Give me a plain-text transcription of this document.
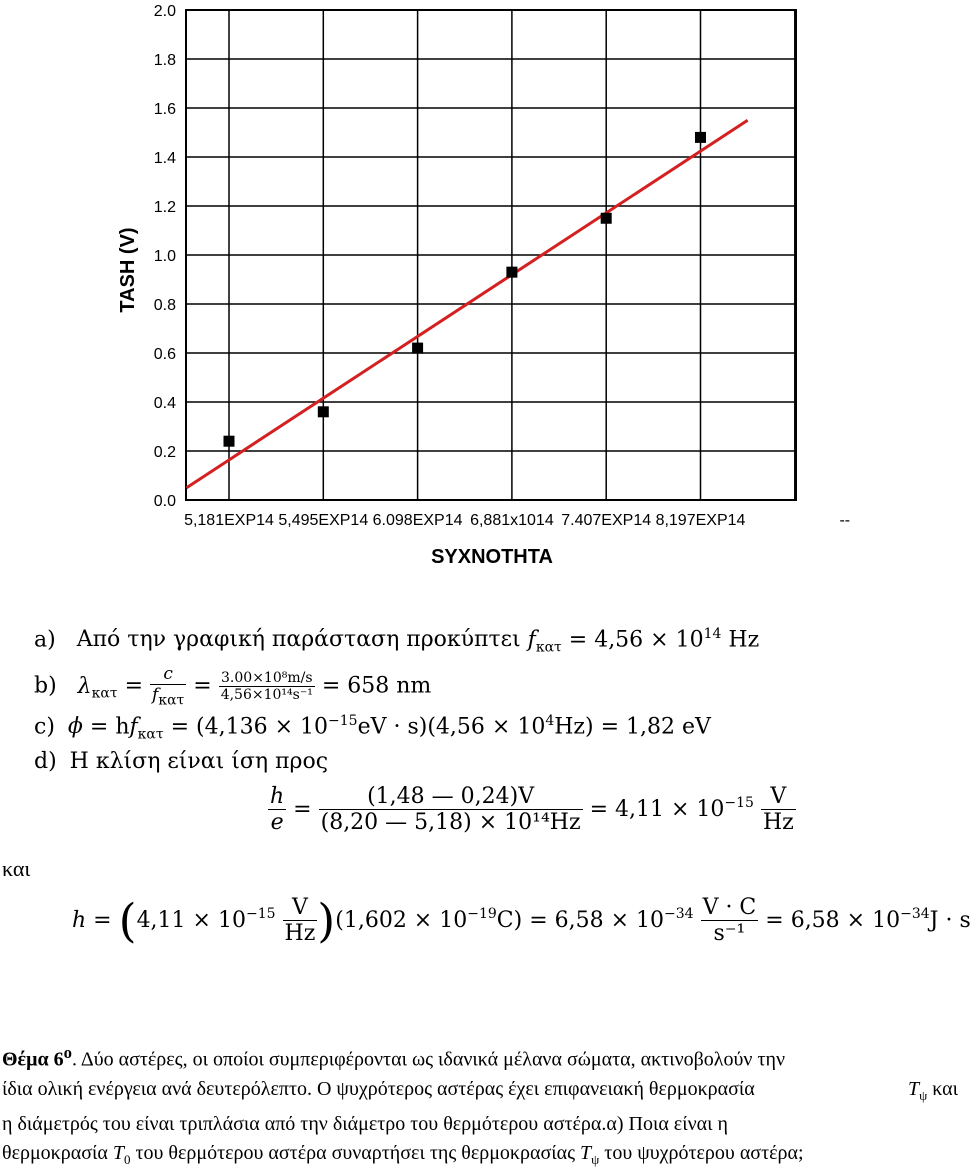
2.0
1.8
1.6
1.4
1.2
1.0
0.8
0.6
0.4
0.2
0.0
5,181EXP14 5,495EXP14 6.098EXP14 6,881x1014 7.407EXP14 8,197EXP14	--
TASH (V)
SYXNOTHTA
a) Από την γραφική παράσταση προκύπτει $f_{\kappa\alpha\tau} = 4,56 \times 10^{14}$ Hz
b) $\lambda_{\kappa\alpha\tau} = \frac{c}{f_{\kappa\alpha\tau}} = \frac{\text{3.00×10⁸m/s}}{\text{4,56×10¹⁴s⁻¹}} = 658$ nm
c) $\phi = hf_{\kappa\alpha\tau} = (4,136 \times 10^{-15}eV \cdot s)(4,56 \times 10^4Hz) = 1,82$ eV
d) Η κλίση είναι ίση προς
$\frac{h}{e} = \frac{(1,48 — 0,24)V}{\text{(8,20 — 5,18) × 10¹⁴Hz}} = 4,11 \times 10^{-15} \frac{V}{Hz}$
και
$h = (4,11 \times 10^{-15} \frac{V}{Hz} )(1,602 \times 10^{-19}C) = 6,58 \times 10^{-34} \frac{V \cdot C}{\text{s⁻¹}} = 6,58 \times 10^{-34}J \cdot s$
Θέμα $6^o$. Δύο αστέρες, οι οποίοι συμπεριφέρονται ως ιδανικά μέλανα σώματα, ακτινοβολούν την
ίδια ολική ενέργεια ανά δευτερόλεπτο. Ο ψυχρότερος αστέρας έχει επιφανειακή θερμοκρασία	$T_\psi$ και
η διάμετρός του είναι τριπλάσια από την διάμετρο του θερμότερου αστέρα.α) Ποια είναι η
θερμοκρασία $T_0$ του θερμότερου αστέρα συναρτήσει της θερμοκρασίας $T_\psi$ του ψυχρότερου αστέρα;
